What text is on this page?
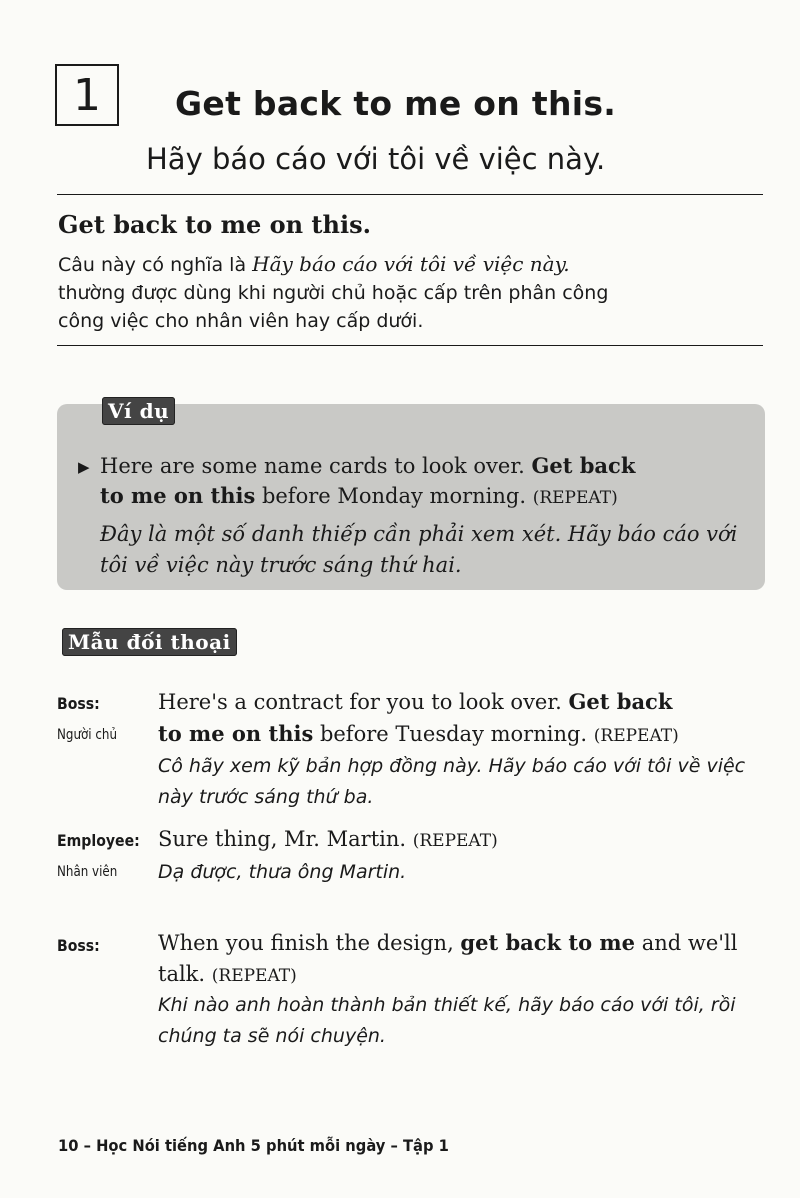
1	Get back to me on this.
Hãy báo cáo với tôi về việc này.
Get back to me on this.
Câu này có nghĩa là Hãy báo cáo với tôi về việc này.
thường được dùng khi người chủ hoặc cấp trên phân công
công việc cho nhân viên hay cấp dưới.
Ví dụ
▶ Here are some name cards to look over. Get back
to me on this before Monday morning. (REPEAT)
Đây là một số danh thiếp cần phải xem xét. Hãy báo cáo với tôi về việc này trước sáng thứ hai.
Mẫu đối thoại
Boss:
Người chủ
Here's a contract for you to look over. Get back
to me on this before Tuesday morning. (REPEAT)
Cô hãy xem kỹ bản hợp đồng này. Hãy báo cáo với tôi về việc này trước sáng thứ ba.
Employee:
Nhân viên
Sure thing, Mr. Martin. (REPEAT)
Dạ được, thưa ông Martin.
Boss:	When you finish the design, get back to me and we'll talk. (REPEAT)
Khi nào anh hoàn thành bản thiết kế, hãy báo cáo với tôi, rồi chúng ta sẽ nói chuyện.
10 – Học Nói tiếng Anh 5 phút mỗi ngày – Tập 1
